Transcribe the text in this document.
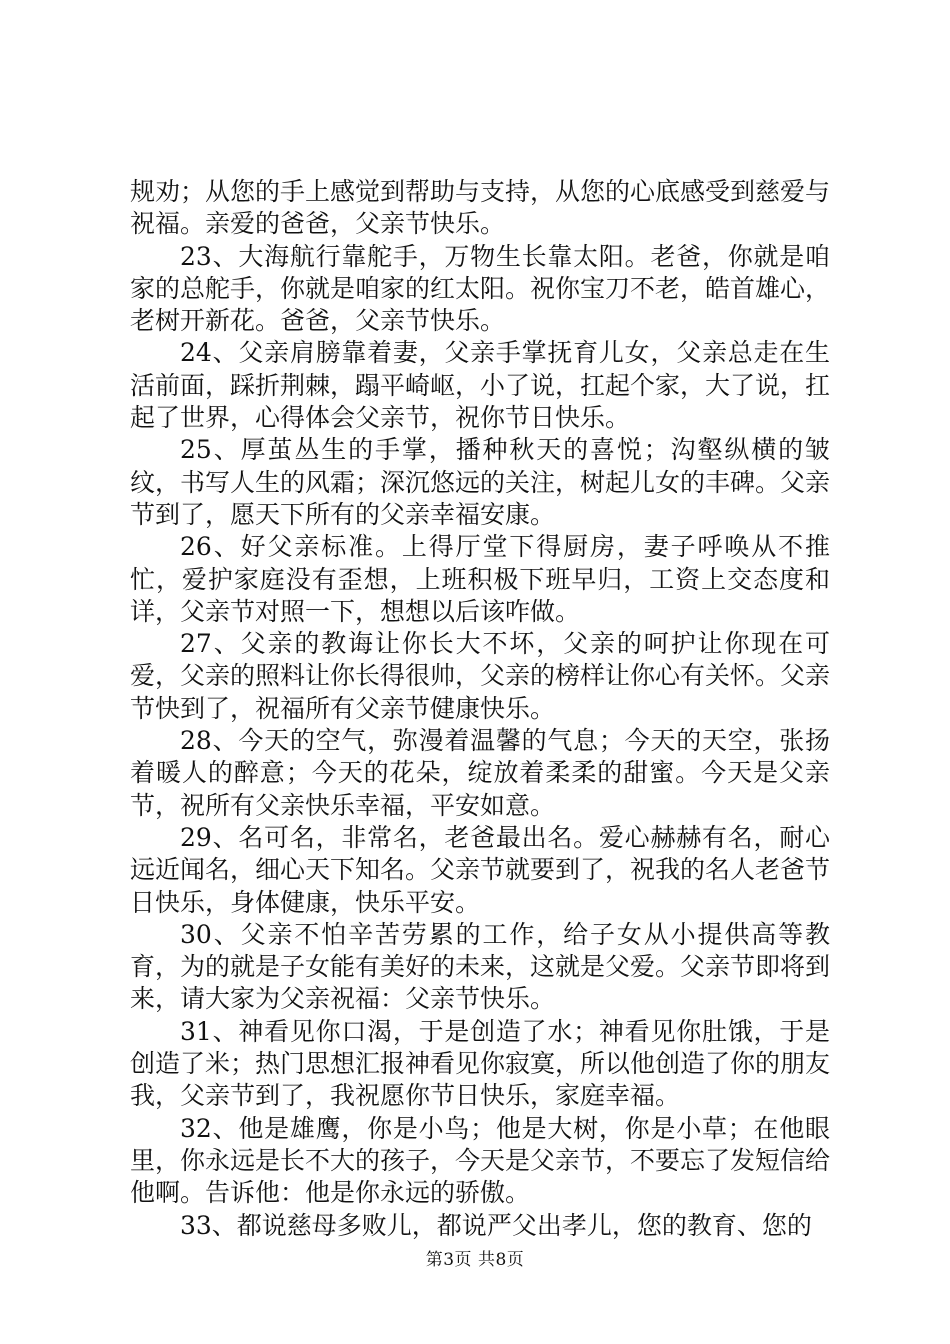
规劝；从您的手上感觉到帮助与支持，从您的心底感受到慈爱与祝福。亲爱的爸爸，父亲节快乐。

23、大海航行靠舵手，万物生长靠太阳。老爸，你就是咱家的总舵手，你就是咱家的红太阳。祝你宝刀不老，皓首雄心，老树开新花。爸爸，父亲节快乐。

24、父亲肩膀靠着妻，父亲手掌抚育儿女，父亲总走在生活前面，踩折荆棘，蹋平崎岖，小了说，扛起个家，大了说，扛起了世界，心得体会父亲节，祝你节日快乐。

25、厚茧丛生的手掌，播种秋天的喜悦；沟壑纵横的皱纹，书写人生的风霜；深沉悠远的关注，树起儿女的丰碑。父亲节到了，愿天下所有的父亲幸福安康。

26、好父亲标准。上得厅堂下得厨房，妻子呼唤从不推忙，爱护家庭没有歪想，上班积极下班早归，工资上交态度和详，父亲节对照一下，想想以后该咋做。

27、父亲的教诲让你长大不坏，父亲的呵护让你现在可爱，父亲的照料让你长得很帅，父亲的榜样让你心有关怀。父亲节快到了，祝福所有父亲节健康快乐。

28、今天的空气，弥漫着温馨的气息；今天的天空，张扬着暖人的醉意；今天的花朵，绽放着柔柔的甜蜜。今天是父亲节，祝所有父亲快乐幸福，平安如意。

29、名可名，非常名，老爸最出名。爱心赫赫有名，耐心远近闻名，细心天下知名。父亲节就要到了，祝我的名人老爸节日快乐，身体健康，快乐平安。

30、父亲不怕辛苦劳累的工作，给子女从小提供高等教育，为的就是子女能有美好的未来，这就是父爱。父亲节即将到来，请大家为父亲祝福：父亲节快乐。

31、神看见你口渴，于是创造了水；神看见你肚饿，于是创造了米；热门思想汇报神看见你寂寞，所以他创造了你的朋友我，父亲节到了，我祝愿你节日快乐，家庭幸福。

32、他是雄鹰，你是小鸟；他是大树，你是小草；在他眼里，你永远是长不大的孩子，今天是父亲节，不要忘了发短信给他啊。告诉他：他是你永远的骄傲。

33、都说慈母多败儿，都说严父出孝儿，您的教育、您的

第3页 共8页
